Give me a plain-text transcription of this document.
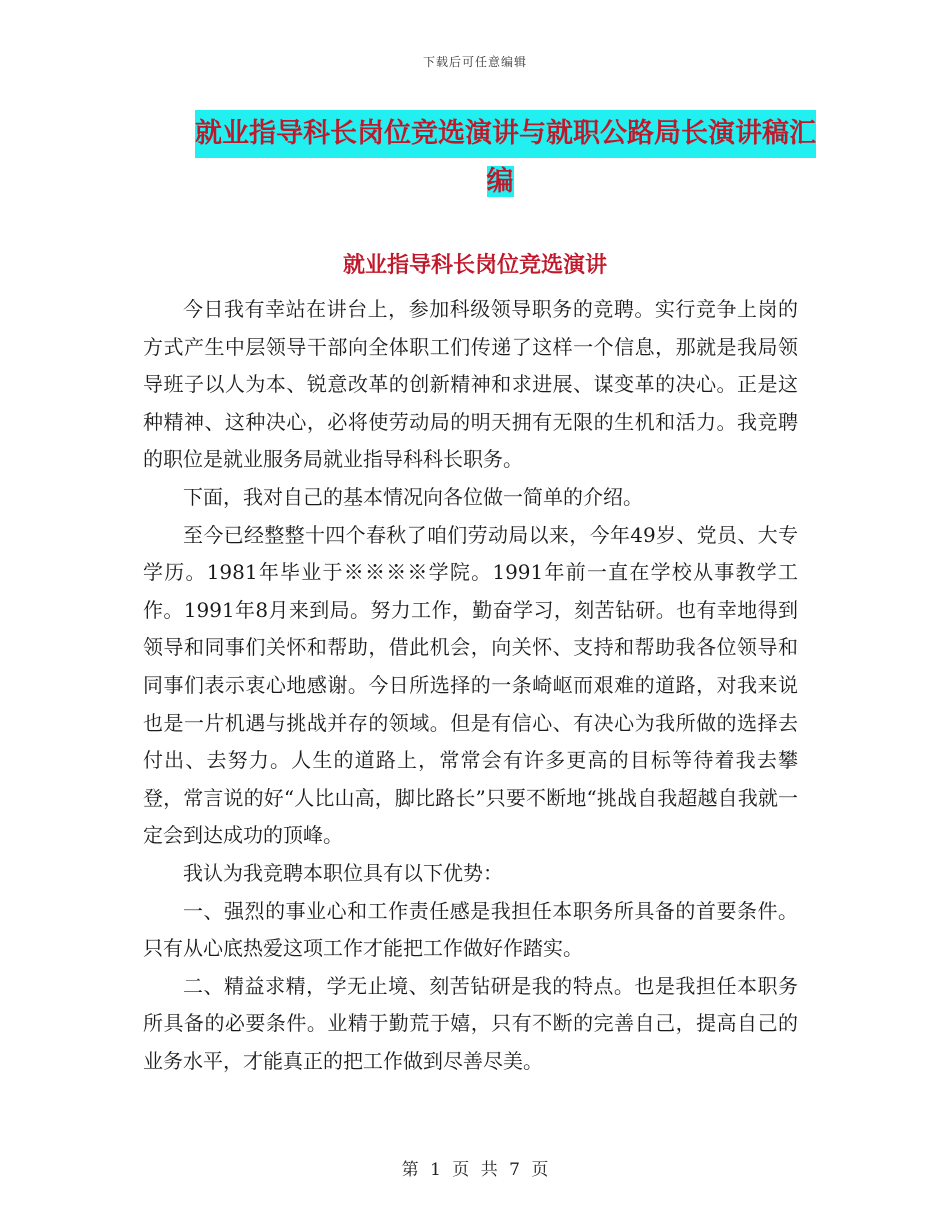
下载后可任意编辑
就业指导科长岗位竞选演讲与就职公路局长演讲稿汇
编
就业指导科长岗位竞选演讲

今日我有幸站在讲台上，参加科级领导职务的竞聘。实行竞争上岗的方式产生中层领导干部向全体职工们传递了这样一个信息，那就是我局领导班子以人为本、锐意改革的创新精神和求进展、谋变革的决心。正是这种精神、这种决心，必将使劳动局的明天拥有无限的生机和活力。我竞聘的职位是就业服务局就业指导科科长职务。

下面，我对自己的基本情况向各位做一简单的介绍。

至今已经整整十四个春秋了咱们劳动局以来，今年49岁、党员、大专学历。1981年毕业于※※※※学院。1991年前一直在学校从事教学工作。1991年8月来到局。努力工作，勤奋学习，刻苦钻研。也有幸地得到领导和同事们关怀和帮助，借此机会，向关怀、支持和帮助我各位领导和同事们表示衷心地感谢。今日所选择的一条崎岖而艰难的道路，对我来说也是一片机遇与挑战并存的领域。但是有信心、有决心为我所做的选择去付出、去努力。人生的道路上，常常会有许多更高的目标等待着我去攀登，常言说的好“人比山高，脚比路长”只要不断地“挑战自我超越自我就一定会到达成功的顶峰。

我认为我竞聘本职位具有以下优势：

一、强烈的事业心和工作责任感是我担任本职务所具备的首要条件。只有从心底热爱这项工作才能把工作做好作踏实。

二、精益求精，学无止境、刻苦钻研是我的特点。也是我担任本职务所具备的必要条件。业精于勤荒于嬉，只有不断的完善自己，提高自己的业务水平，才能真正的把工作做到尽善尽美。

第 1 页 共 7 页
